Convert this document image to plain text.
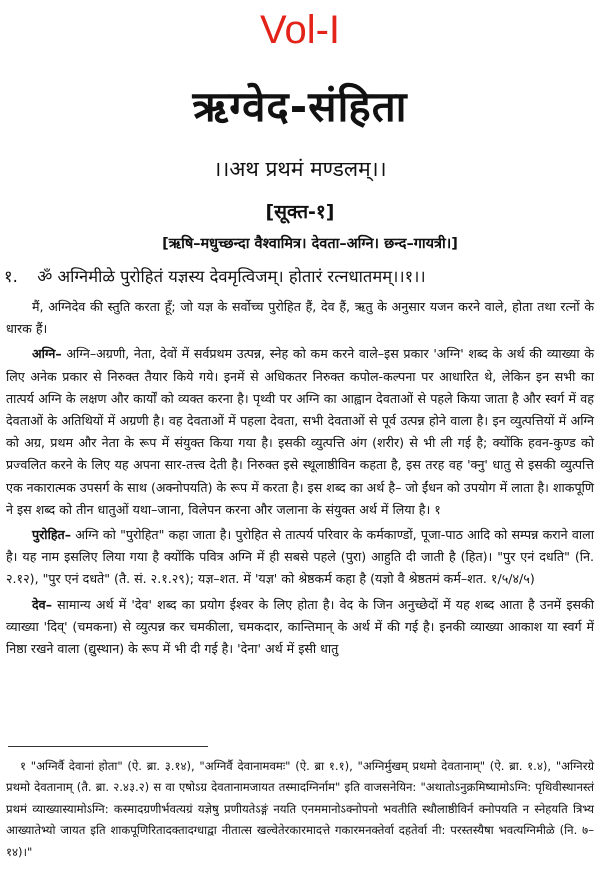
Vol-I
ऋग्वेद-संहिता
।।अथ प्रथमं मण्डलम्।।
[सूक्त-१]
[ऋषि–मधुच्छन्दा वैश्वामित्र। देवता–अग्नि। छन्द–गायत्री।]
१. ॐ अग्निमीळे पुरोहितं यज्ञस्य देवमृत्विजम्। होतारं रत्नधातमम्।।१।।

मैं, अग्निदेव की स्तुति करता हूँ; जो यज्ञ के सर्वोच्च पुरोहित हैं, देव हैं, ऋतु के अनुसार यजन करने वाले, होता तथा रत्नों के धारक हैं।

अग्नि– अग्नि–अग्रणी, नेता, देवों में सर्वप्रथम उत्पन्न, स्नेह को कम करने वाले–इस प्रकार 'अग्नि' शब्द के अर्थ की व्याख्या के लिए अनेक प्रकार से निरुक्त तैयार किये गये। इनमें से अधिकतर निरुक्त कपोल-कल्पना पर आधारित थे, लेकिन इन सभी का तात्पर्य अग्नि के लक्षण और कार्यों को व्यक्त करना है। पृथ्वी पर अग्नि का आह्वान देवताओं से पहले किया जाता है और स्वर्ग में वह देवताओं के अतिथियों में अग्रणी है। वह देवताओं में पहला देवता, सभी देवताओं से पूर्व उत्पन्न होने वाला है। इन व्युत्पत्तियों में अग्नि को अग्र, प्रथम और नेता के रूप में संयुक्त किया गया है। इसकी व्युत्पत्ति अंग (शरीर) से भी ली गई है; क्योंकि हवन-कुण्ड को प्रज्वलित करने के लिए यह अपना सार-तत्त्व देती है। निरुक्त इसे स्थूलाष्ठीविन कहता है, इस तरह वह 'क्नु' धातु से इसकी व्युत्पत्ति एक नकारात्मक उपसर्ग के साथ (अक्नोपयति) के रूप में करता है। इस शब्द का अर्थ है– जो ईंधन को उपयोग में लाता है। शाकपूणि ने इस शब्द को तीन धातुओं यथा–जाना, विलेपन करना और जलाना के संयुक्त अर्थ में लिया है। १

पुरोहित– अग्नि को "पुरोहित" कहा जाता है। पुरोहित से तात्पर्य परिवार के कर्मकाण्डों, पूजा-पाठ आदि को सम्पन्न कराने वाला है। यह नाम इसलिए लिया गया है क्योंकि पवित्र अग्नि में ही सबसे पहले (पुरा) आहुति दी जाती है (हित)। "पुर एनं दधति" (नि. २.१२), "पुर एनं दधते" (तै. सं. २.१.२९); यज्ञ–शत. में 'यज्ञ' को श्रेष्ठकर्म कहा है (यज्ञो वै श्रेष्ठतमं कर्म–शत. १/५/४/५)

देव– सामान्य अर्थ में 'देव' शब्द का प्रयोग ईश्वर के लिए होता है। वेद के जिन अनुच्छेदों में यह शब्द आता है उनमें इसकी व्याख्या 'दिव्' (चमकना) से व्युत्पन्न कर चमकीला, चमकदार, कान्तिमान् के अर्थ में की गई है। इनकी व्याख्या आकाश या स्वर्ग में निष्ठा रखने वाला (द्युस्थान) के रूप में भी दी गई है। 'देना' अर्थ में इसी धातु

१ "अग्निर्वै देवानां होता" (ऐ. ब्रा. ३.१४), "अग्निर्वै देवानामवमः" (ऐ. ब्रा १.१), "अग्निर्मुखम् प्रथमो देवतानाम्" (ऐ. ब्रा. १.४), "अग्निरग्रे प्रथमो देवतानाम् (तै. ब्रा. २.४३.२) स वा एषोऽग्र देवतानामजायत तस्मादग्निर्नाम" इति वाजसनेयिन: "अथातोऽनुक्रमिष्यामोऽग्नि: पृथिवीस्थानस्तं प्रथमं व्याख्यास्यामोऽग्नि: कस्मादग्रणीर्भवत्यग्रं यज्ञेषु प्रणीयतेऽङ्गं नयति एनममानोऽक्नोपनो भवतीति स्थौलाष्ठीविर्न क्नोपयति न स्नेहयति त्रिभ्य आख्यातेभ्यो जायत इति शाकपूणिरितादक्तादग्धाद्वा नीतात्स खल्वेतेरकारमादत्ते गकारमनक्तेर्वा दहतेर्वा नी: परस्तस्यैषा भवत्यग्निमीळे (नि. ७–१४)।"
